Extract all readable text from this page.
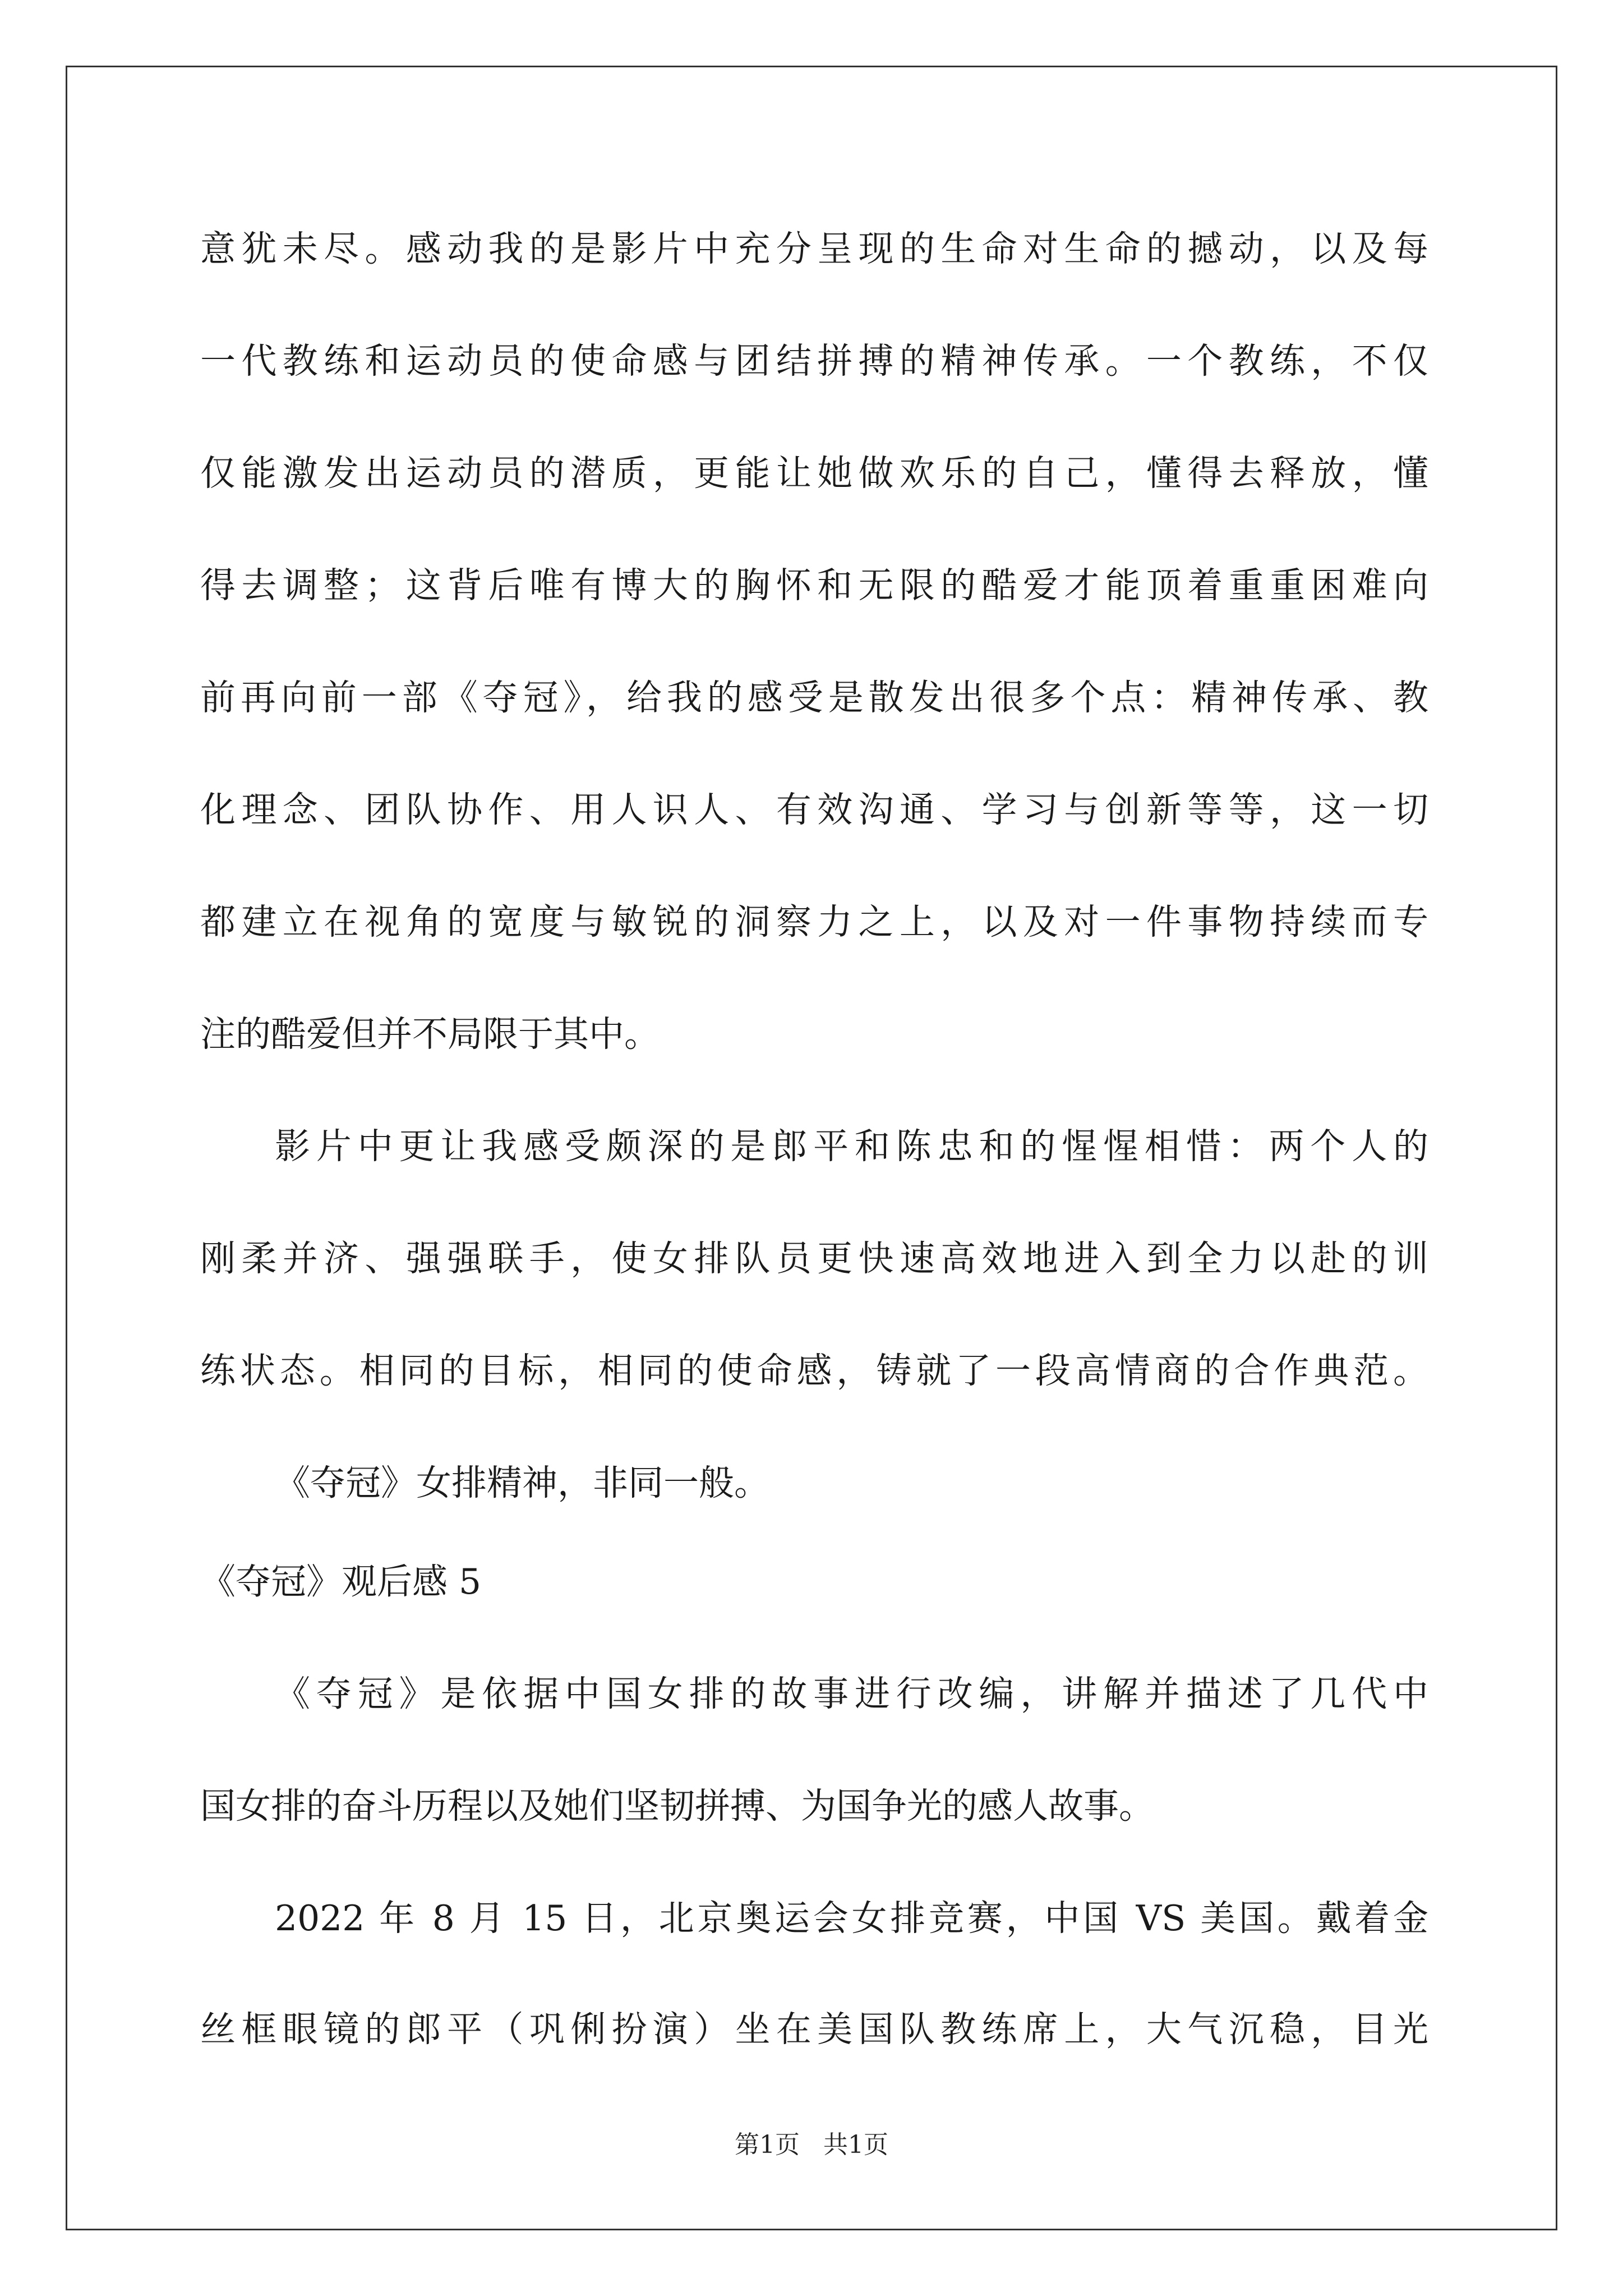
意犹未尽。感动我的是影片中充分呈现的生命对生命的撼动，以及每
一代教练和运动员的使命感与团结拼搏的精神传承。一个教练，不仅
仅能激发出运动员的潜质，更能让她做欢乐的自己，懂得去释放，懂
得去调整；这背后唯有博大的胸怀和无限的酷爱才能顶着重重困难向
前再向前一部《夺冠》，给我的感受是散发出很多个点：精神传承、教
化理念、团队协作、用人识人、有效沟通、学习与创新等等，这一切
都建立在视角的宽度与敏锐的洞察力之上，以及对一件事物持续而专
注的酷爱但并不局限于其中。
影片中更让我感受颇深的是郎平和陈忠和的惺惺相惜：两个人的
刚柔并济、强强联手，使女排队员更快速高效地进入到全力以赴的训
练状态。相同的目标，相同的使命感，铸就了一段高情商的合作典范。
《夺冠》女排精神，非同一般。
《夺冠》观后感 5
《夺冠》是依据中国女排的故事进行改编，讲解并描述了几代中
国女排的奋斗历程以及她们坚韧拼搏、为国争光的感人故事。
2022 年 8 月 15 日，北京奥运会女排竞赛，中国 VS 美国。戴着金
丝框眼镜的郎平（巩俐扮演）坐在美国队教练席上，大气沉稳，目光
第1页   共1页
